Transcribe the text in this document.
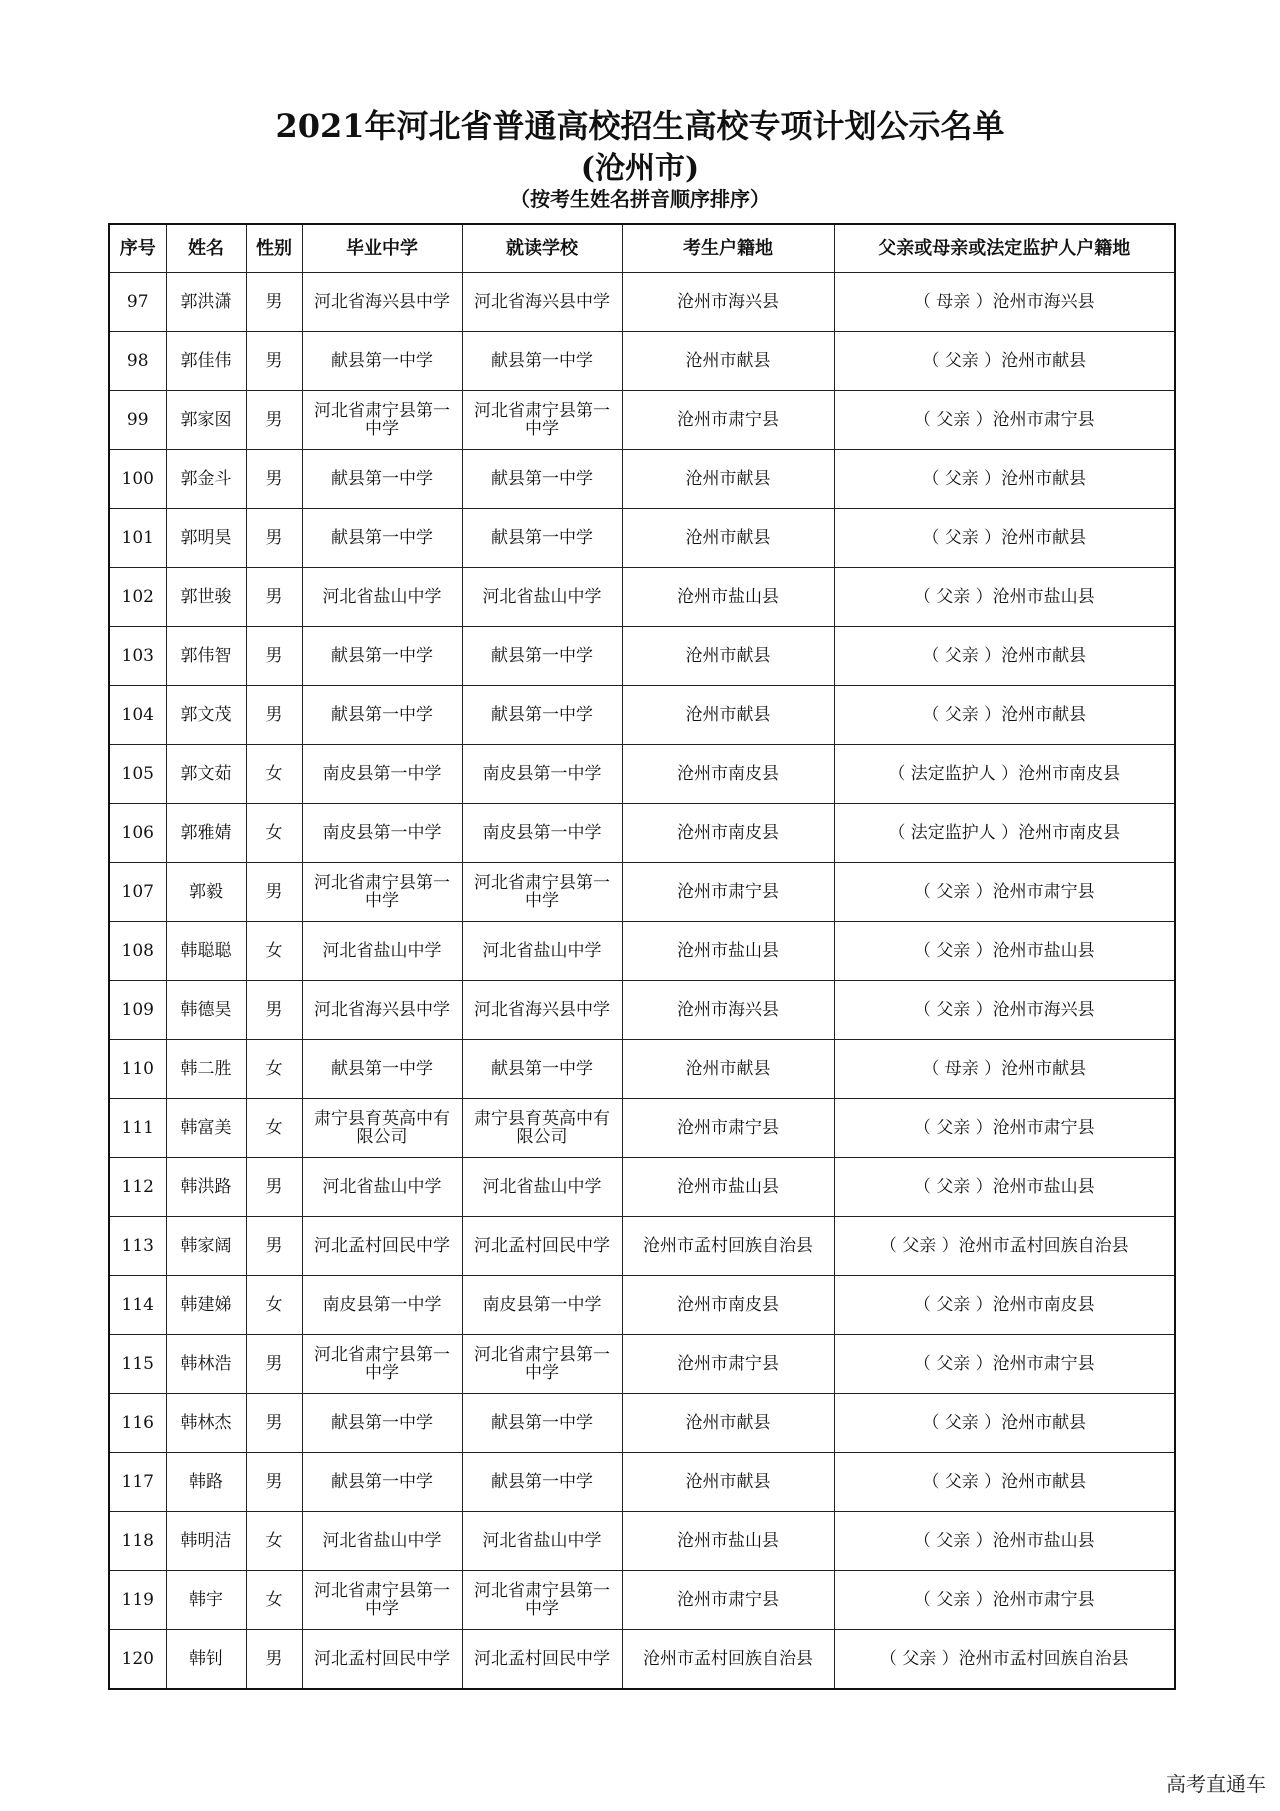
2021年河北省普通高校招生高校专项计划公示名单
(沧州市)
（按考生姓名拼音顺序排序）
序号	姓名	性别	毕业中学	就读学校	考生户籍地	父亲或母亲或法定监护人户籍地
97	郭洪潇	男	河北省海兴县中学	河北省海兴县中学	沧州市海兴县	（ 母亲 ）沧州市海兴县
98	郭佳伟	男	献县第一中学	献县第一中学	沧州市献县	（ 父亲 ）沧州市献县
99	郭家囡	男	河北省肃宁县第一中学	河北省肃宁县第一中学	沧州市肃宁县	（ 父亲 ）沧州市肃宁县
100	郭金斗	男	献县第一中学	献县第一中学	沧州市献县	（ 父亲 ）沧州市献县
101	郭明昊	男	献县第一中学	献县第一中学	沧州市献县	（ 父亲 ）沧州市献县
102	郭世骏	男	河北省盐山中学	河北省盐山中学	沧州市盐山县	（ 父亲 ）沧州市盐山县
103	郭伟智	男	献县第一中学	献县第一中学	沧州市献县	（ 父亲 ）沧州市献县
104	郭文茂	男	献县第一中学	献县第一中学	沧州市献县	（ 父亲 ）沧州市献县
105	郭文茹	女	南皮县第一中学	南皮县第一中学	沧州市南皮县	（ 法定监护人 ）沧州市南皮县
106	郭雅婧	女	南皮县第一中学	南皮县第一中学	沧州市南皮县	（ 法定监护人 ）沧州市南皮县
107	郭毅	男	河北省肃宁县第一中学	河北省肃宁县第一中学	沧州市肃宁县	（ 父亲 ）沧州市肃宁县
108	韩聪聪	女	河北省盐山中学	河北省盐山中学	沧州市盐山县	（ 父亲 ）沧州市盐山县
109	韩德昊	男	河北省海兴县中学	河北省海兴县中学	沧州市海兴县	（ 父亲 ）沧州市海兴县
110	韩二胜	女	献县第一中学	献县第一中学	沧州市献县	（ 母亲 ）沧州市献县
111	韩富美	女	肃宁县育英高中有限公司	肃宁县育英高中有限公司	沧州市肃宁县	（ 父亲 ）沧州市肃宁县
112	韩洪路	男	河北省盐山中学	河北省盐山中学	沧州市盐山县	（ 父亲 ）沧州市盐山县
113	韩家阔	男	河北孟村回民中学	河北孟村回民中学	沧州市孟村回族自治县	（ 父亲 ）沧州市孟村回族自治县
114	韩建娣	女	南皮县第一中学	南皮县第一中学	沧州市南皮县	（ 父亲 ）沧州市南皮县
115	韩林浩	男	河北省肃宁县第一中学	河北省肃宁县第一中学	沧州市肃宁县	（ 父亲 ）沧州市肃宁县
116	韩林杰	男	献县第一中学	献县第一中学	沧州市献县	（ 父亲 ）沧州市献县
117	韩路	男	献县第一中学	献县第一中学	沧州市献县	（ 父亲 ）沧州市献县
118	韩明洁	女	河北省盐山中学	河北省盐山中学	沧州市盐山县	（ 父亲 ）沧州市盐山县
119	韩宇	女	河北省肃宁县第一中学	河北省肃宁县第一中学	沧州市肃宁县	（ 父亲 ）沧州市肃宁县
120	韩钊	男	河北孟村回民中学	河北孟村回民中学	沧州市孟村回族自治县	（ 父亲 ）沧州市孟村回族自治县
高考直通车
